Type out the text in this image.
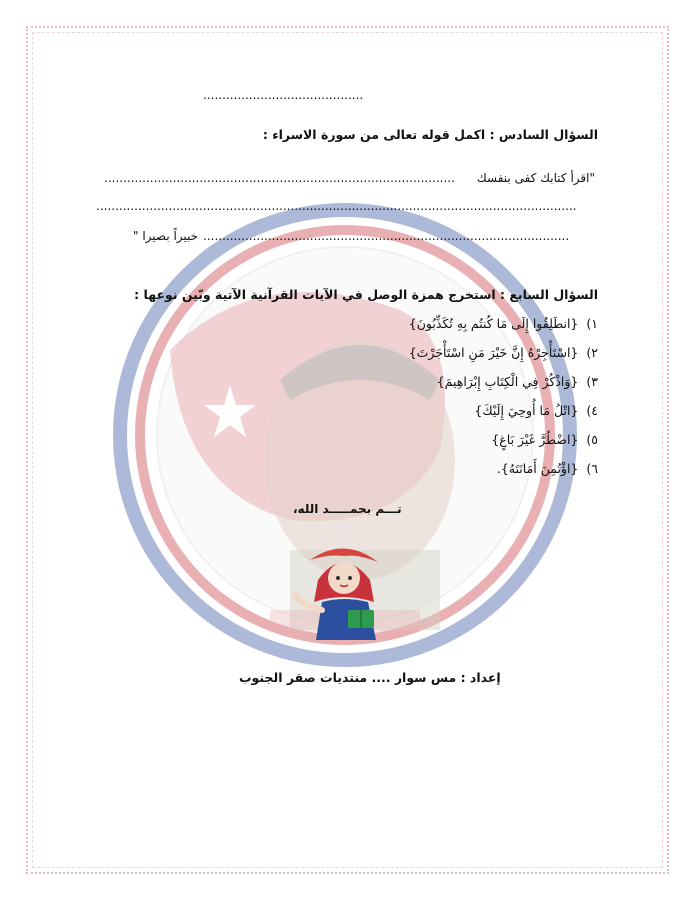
..........................................
السؤال السادس : اكمل قوله تعالى من سورة الاسراء :
"اقرأ كتابك كفى بنفسك
............................................................................................
..............................................................................................................................
خبيراً بصيرا " ................................................................................................
السؤال السابع : استخرج همزة الوصل في الآيات القرآنية الآتية وبّين نوعها :
١){انطَلِقُوا إِلَى مَا كُنتُم بِهِ تُكَذِّبُونَ}
٢){اسْتَأْجِرْهُ إِنَّ خَيْرَ مَنِ اسْتَأْجَرْتَ}
٣){وَاذْكُرْ فِي الْكِتَابِ إِبْرَاهِيمَ}
٤){اتْلُ مَا أُوحِيَ إِلَيْكَ}
٥){اضْطُرَّ غَيْرَ بَاغٍ}
٦){اؤْتُمِنَ أَمَانَتَهُ}.
تـــم بحمـــــد الله،
إعداد : مس سوار .... منتديات صقر الجنوب
